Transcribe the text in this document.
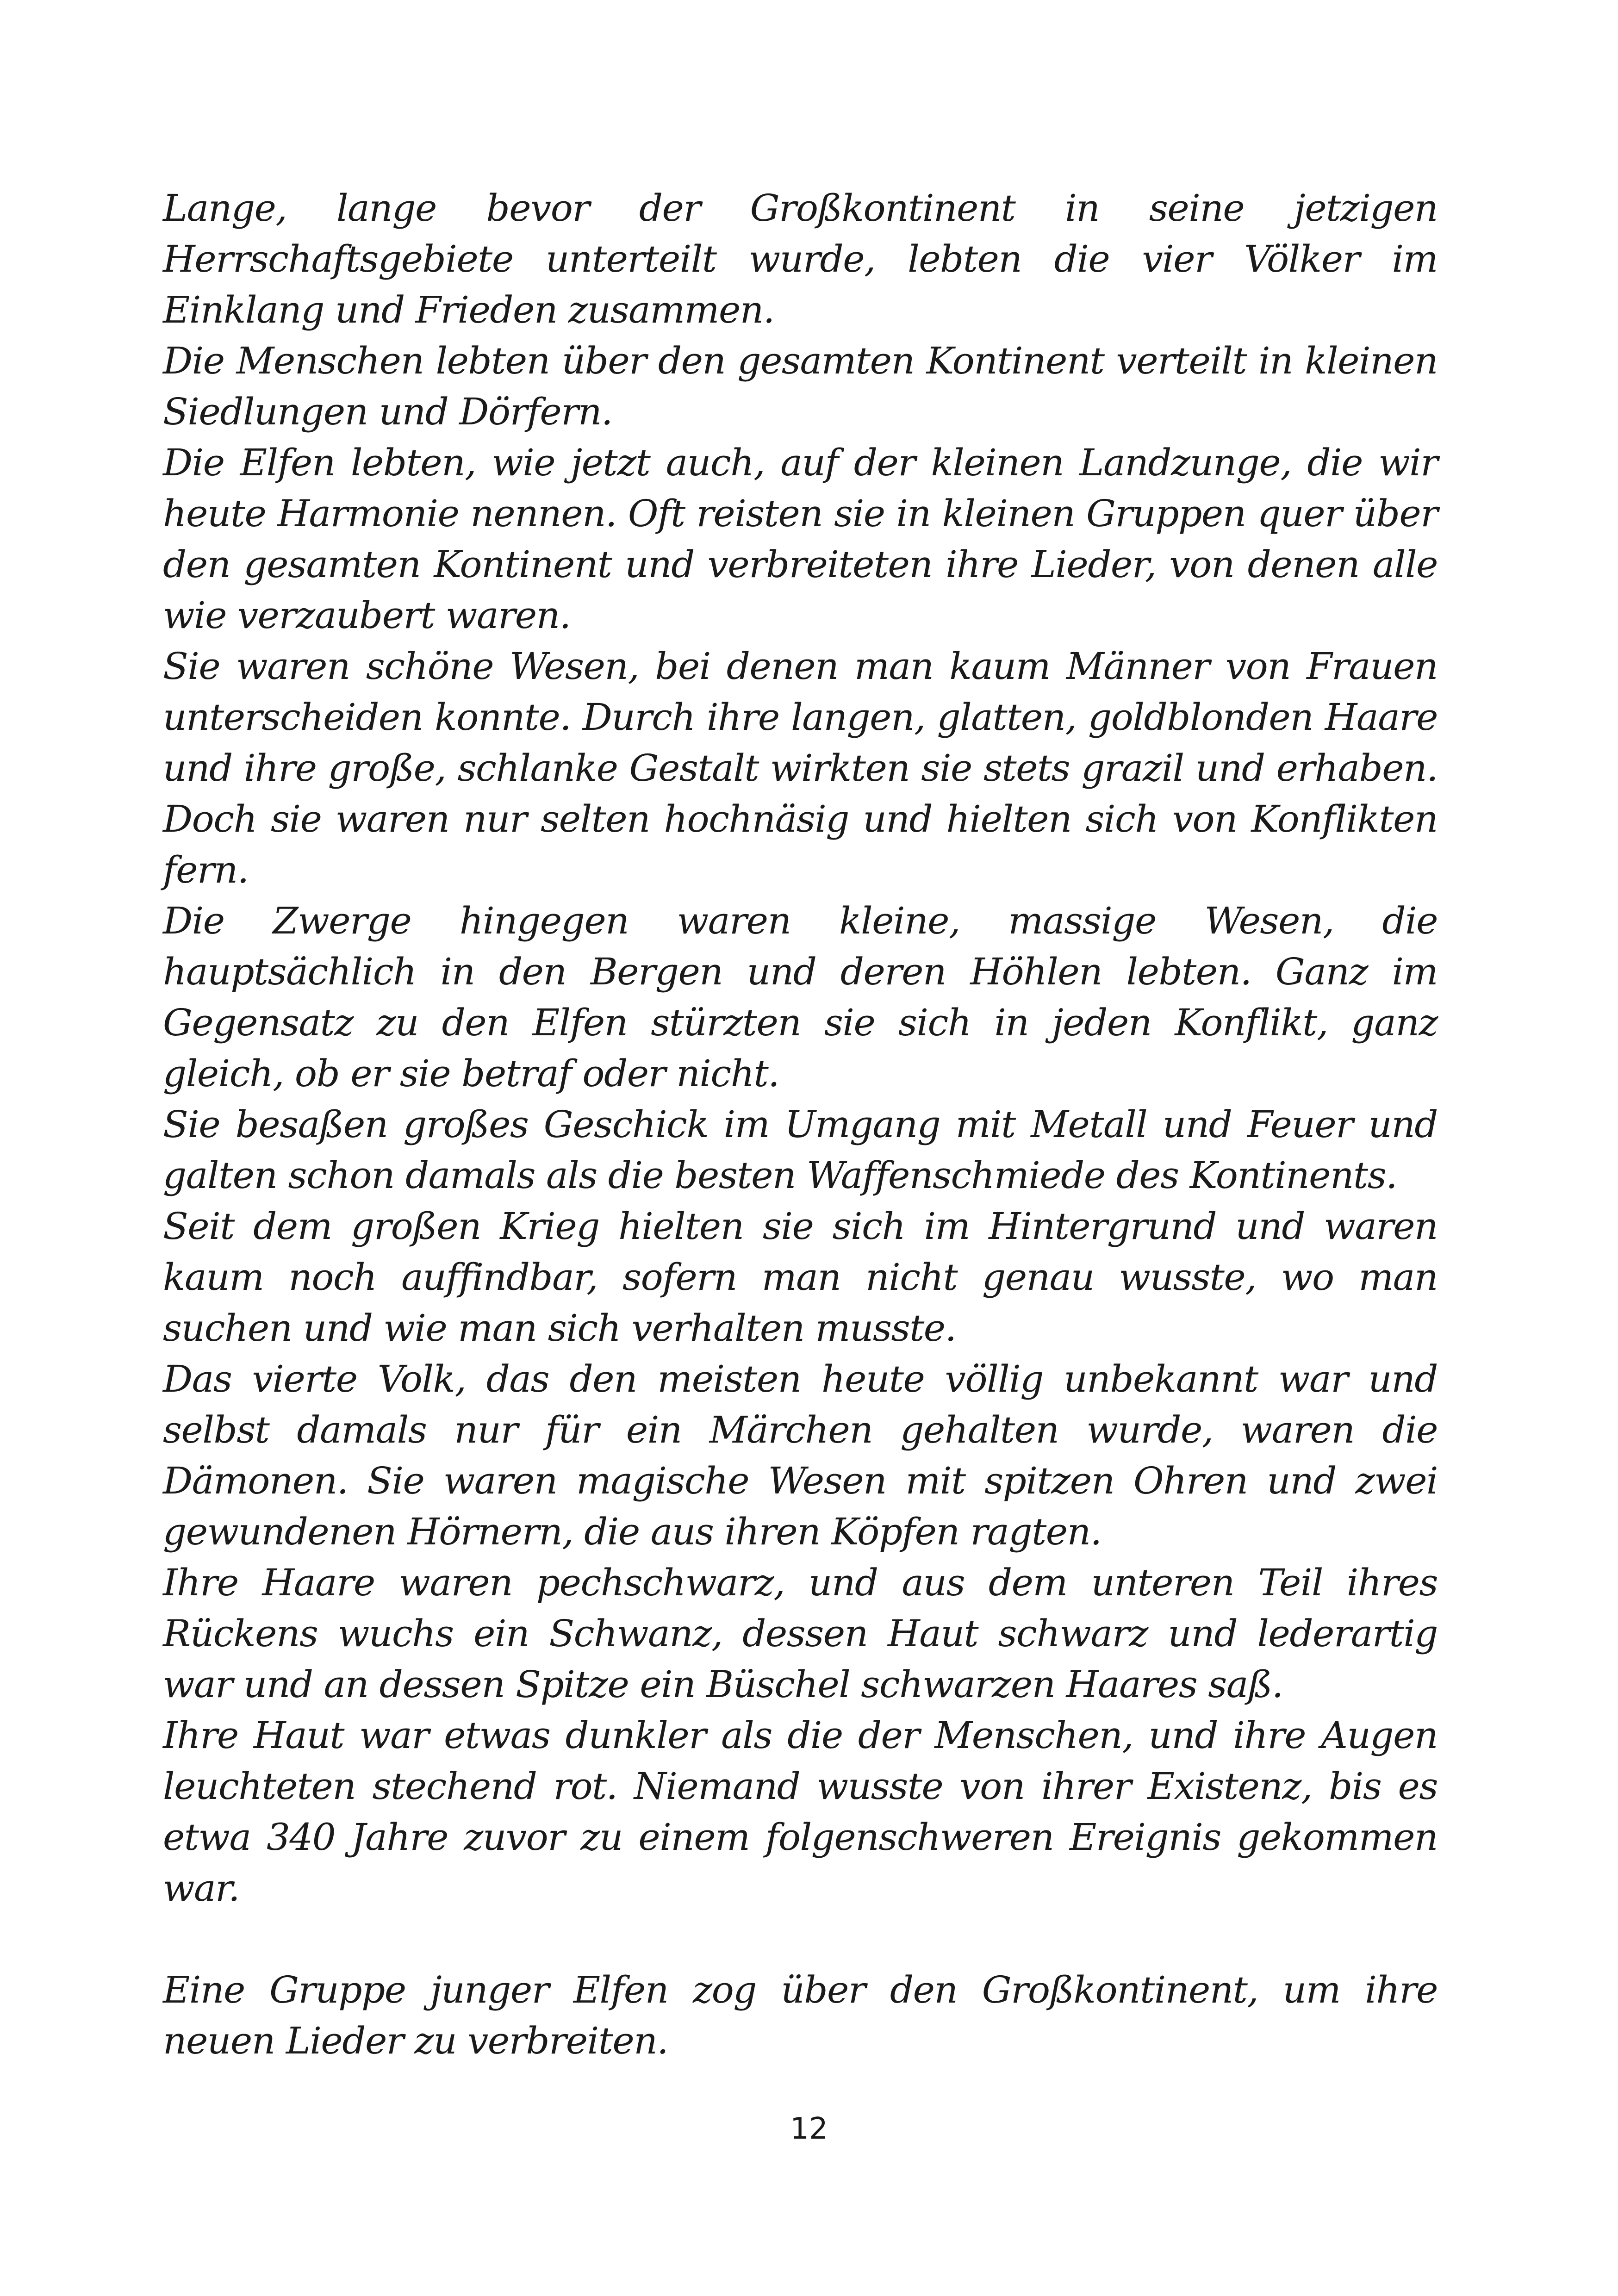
Lange, lange bevor der Großkontinent in seine jetzigen Herrschaftsgebiete unterteilt wurde, lebten die vier Völker im Einklang und Frieden zusammen.

Die Menschen lebten über den gesamten Kontinent verteilt in kleinen Siedlungen und Dörfern.

Die Elfen lebten, wie jetzt auch, auf der kleinen Landzunge, die wir heute Harmonie nennen. Oft reisten sie in kleinen Gruppen quer über den gesamten Kontinent und verbreiteten ihre Lieder, von denen alle wie verzaubert waren.

Sie waren schöne Wesen, bei denen man kaum Männer von Frauen unterscheiden konnte. Durch ihre langen, glatten, goldblonden Haare und ihre große, schlanke Gestalt wirkten sie stets grazil und erhaben. Doch sie waren nur selten hochnäsig und hielten sich von Konflikten fern.

Die Zwerge hingegen waren kleine, massige Wesen, die hauptsächlich in den Bergen und deren Höhlen lebten. Ganz im Gegensatz zu den Elfen stürzten sie sich in jeden Konflikt, ganz gleich, ob er sie betraf oder nicht.

Sie besaßen großes Geschick im Umgang mit Metall und Feuer und galten schon damals als die besten Waffenschmiede des Kontinents.

Seit dem großen Krieg hielten sie sich im Hintergrund und waren kaum noch auffindbar, sofern man nicht genau wusste, wo man suchen und wie man sich verhalten musste.

Das vierte Volk, das den meisten heute völlig unbekannt war und selbst damals nur für ein Märchen gehalten wurde, waren die Dämonen. Sie waren magische Wesen mit spitzen Ohren und zwei gewundenen Hörnern, die aus ihren Köpfen ragten.

Ihre Haare waren pechschwarz, und aus dem unteren Teil ihres Rückens wuchs ein Schwanz, dessen Haut schwarz und lederartig war und an dessen Spitze ein Büschel schwarzen Haares saß.

Ihre Haut war etwas dunkler als die der Menschen, und ihre Augen leuchteten stechend rot. Niemand wusste von ihrer Existenz, bis es etwa 340 Jahre zuvor zu einem folgenschweren Ereignis gekommen war.

Eine Gruppe junger Elfen zog über den Großkontinent, um ihre neuen Lieder zu verbreiten.

12
